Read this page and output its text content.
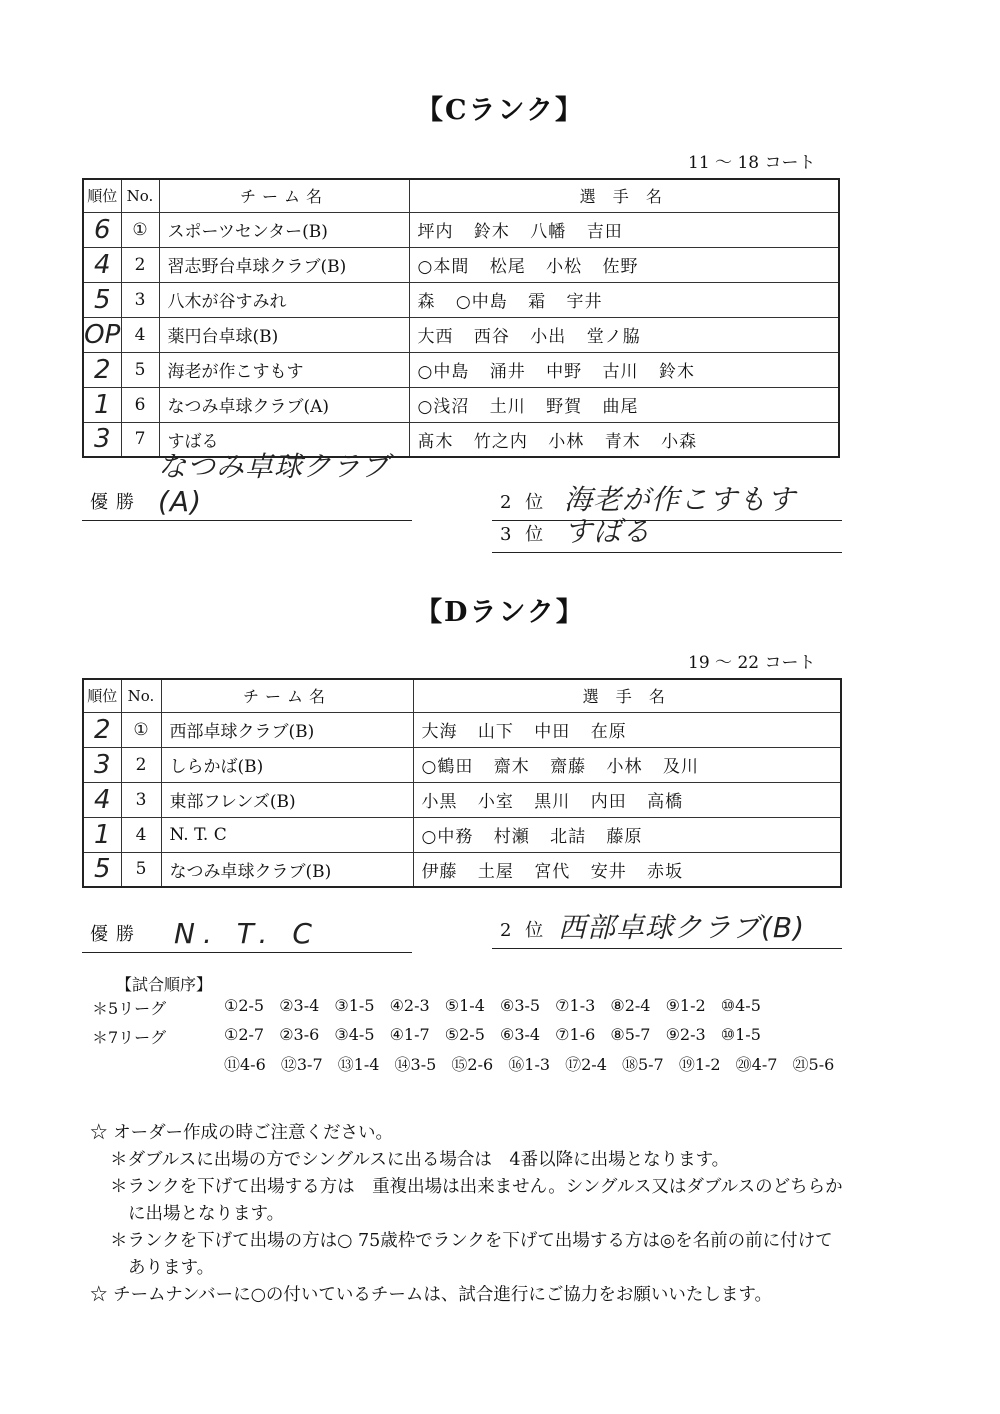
【Cランク】
11 ～ 18 コート
順位	No.	チーム名	選 手 名
6	①	スポーツセンター(B)	坪内 鈴木 八幡 吉田
4	2	習志野台卓球クラブ(B)	○本間 松尾 小松 佐野
5	3	八木が谷すみれ	森 ○中島 霜 宇井
OP	4	薬円台卓球(B)	大西 西谷 小出 堂ノ脇
2	5	海老が作こすもす	○中島 涌井 中野 古川 鈴木
1	6	なつみ卓球クラブ(A)	○浅沼 土川 野賀 曲尾
3	7	すばる	髙木 竹之内 小林 青木 小森
優勝
なつみ卓球クラブ(A)	2 位 海老が作こすもす
3 位 すばる
【Dランク】
19 ～ 22 コート
順位	No.	チーム名	選 手 名
2	①	西部卓球クラブ(B)	大海 山下 中田 在原
3	2	しらかば(B)	○鶴田 齋木 齋藤 小林 及川
4	3	東部フレンズ(B)	小黒 小室 黒川 内田 高橋
1	4	N. T. C	○中務 村瀬 北詰 藤原
5	5	なつみ卓球クラブ(B)	伊藤 土屋 宮代 安井 赤坂
優勝 N. T. C	2 位 西部卓球クラブ(B)
【試合順序】
＊5リーグ	①2-5 ②3-4 ③1-5 ④2-3 ⑤1-4 ⑥3-5 ⑦1-3 ⑧2-4 ⑨1-2 ⑩4-5
＊7リーグ	①2-7 ②3-6 ③4-5 ④1-7 ⑤2-5 ⑥3-4 ⑦1-6 ⑧5-7 ⑨2-3 ⑩1-5
⑪4-6 ⑫3-7 ⑬1-4 ⑭3-5 ⑮2-6 ⑯1-3 ⑰2-4 ⑱5-7 ⑲1-2 ⑳4-7 ㉑5-6
☆ オーダー作成の時ご注意ください。
＊ダブルスに出場の方でシングルスに出る場合は　4番以降に出場となります。
＊ランクを下げて出場する方は　重複出場は出来ません。シングルス又はダブルスのどちらか
に出場となります。
＊ランクを下げて出場の方は○ 75歳枠でランクを下げて出場する方は◎を名前の前に付けて
あります。
☆ チームナンバーに○の付いているチームは、試合進行にご協力をお願いいたします。
